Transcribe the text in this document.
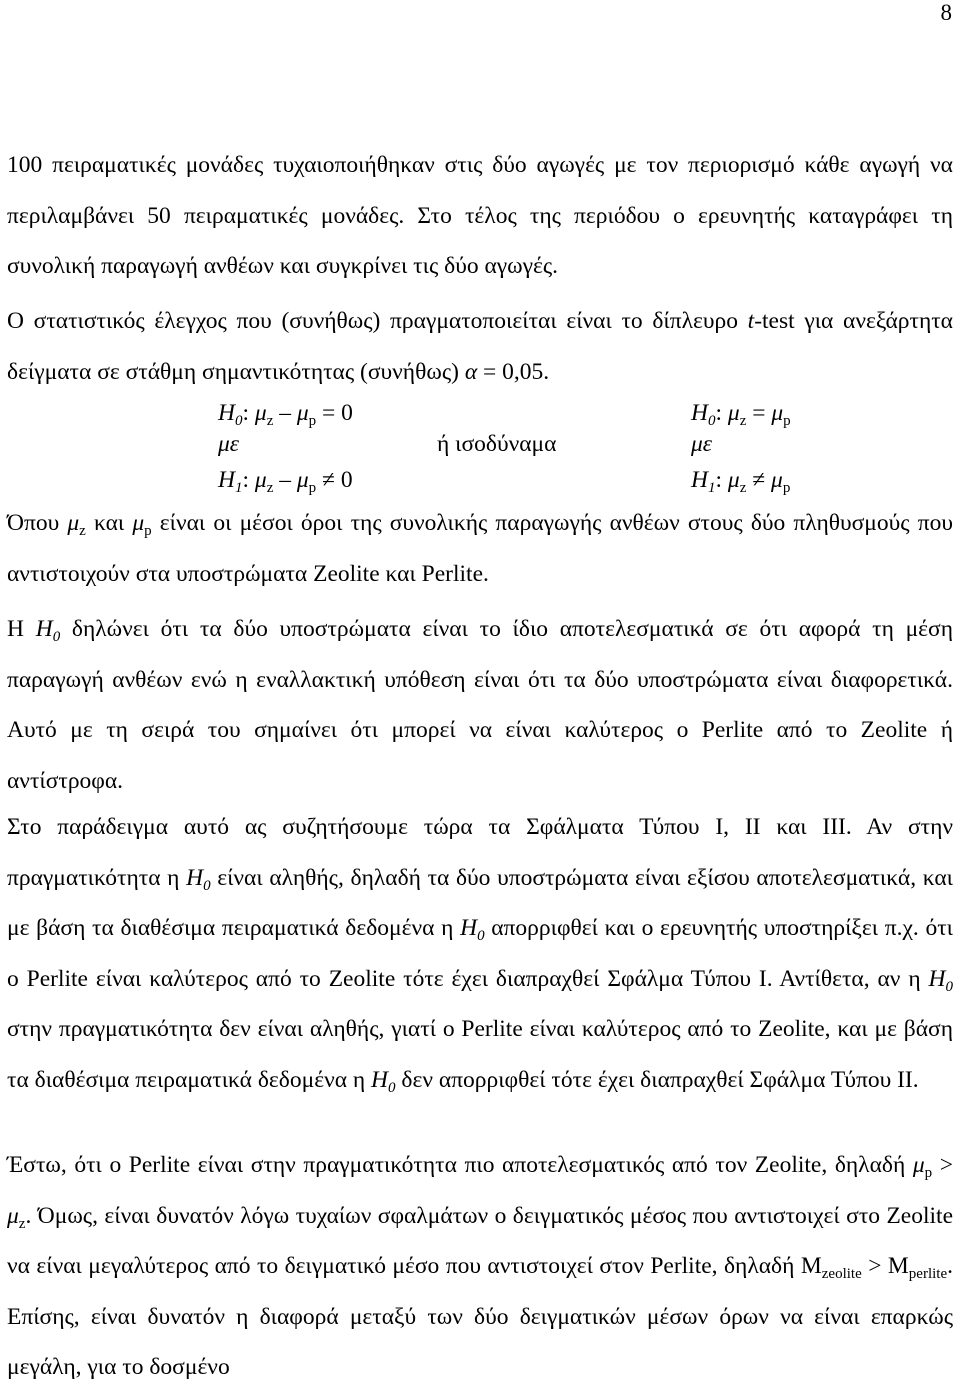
8

100 πειραματικές μονάδες τυχαιοποιήθηκαν στις δύο αγωγές με τον περιορισμό κάθε αγωγή να περιλαμβάνει 50 πειραματικές μονάδες. Στο τέλος της περιόδου ο ερευνητής καταγράφει τη συνολική παραγωγή ανθέων και συγκρίνει τις δύο αγωγές.

Ο στατιστικός έλεγχος που (συνήθως) πραγματοποιείται είναι το δίπλευρο t-test για ανεξάρτητα δείγματα σε στάθμη σημαντικότητας (συνήθως) α = 0,05.

$H_0$: $\mu_z - \mu_p = 0$
με
$H_1$: $\mu_z - \mu_p \ne 0$
ή ισοδύναμα
$H_0$: $\mu_z = \mu_p$
με
$H_1$: $\mu_z \ne \mu_p$

Όπου $\mu_z$ και $\mu_p$ είναι οι μέσοι όροι της συνολικής παραγωγής ανθέων στους δύο πληθυσμούς που αντιστοιχούν στα υποστρώματα Zeolite και Perlite.

Η $H_0$ δηλώνει ότι τα δύο υποστρώματα είναι το ίδιο αποτελεσματικά σε ότι αφορά τη μέση παραγωγή ανθέων ενώ η εναλλακτική υπόθεση είναι ότι τα δύο υποστρώματα είναι διαφορετικά. Αυτό με τη σειρά του σημαίνει ότι μπορεί να είναι καλύτερος ο Perlite από το Zeolite ή αντίστροφα.

Στο παράδειγμα αυτό ας συζητήσουμε τώρα τα Σφάλματα Τύπου Ι, ΙΙ και ΙΙΙ. Αν στην πραγματικότητα η $H_0$ είναι αληθής, δηλαδή τα δύο υποστρώματα είναι εξίσου αποτελεσματικά, και με βάση τα διαθέσιμα πειραματικά δεδομένα η $H_0$ απορριφθεί και ο ερευνητής υποστηρίξει π.χ. ότι ο Perlite είναι καλύτερος από το Zeolite τότε έχει διαπραχθεί Σφάλμα Τύπου Ι. Αντίθετα, αν η $H_0$ στην πραγματικότητα δεν είναι αληθής, γιατί ο Perlite είναι καλύτερος από το Zeolite, και με βάση τα διαθέσιμα πειραματικά δεδομένα η $H_0$ δεν απορριφθεί τότε έχει διαπραχθεί Σφάλμα Τύπου ΙΙ.

Έστω, ότι ο Perlite είναι στην πραγματικότητα πιο αποτελεσματικός από τον Zeolite, δηλαδή $\mu_p > \mu_z$. Όμως, είναι δυνατόν λόγω τυχαίων σφαλμάτων ο δειγματικός μέσος που αντιστοιχεί στο Zeolite να είναι μεγαλύτερος από το δειγματικό μέσο που αντιστοιχεί στον Perlite, δηλαδή $M_{zeolite} > M_{perlite}$. Επίσης, είναι δυνατόν η διαφορά μεταξύ των δύο δειγματικών μέσων όρων να είναι επαρκώς μεγάλη, για το δοσμένο
